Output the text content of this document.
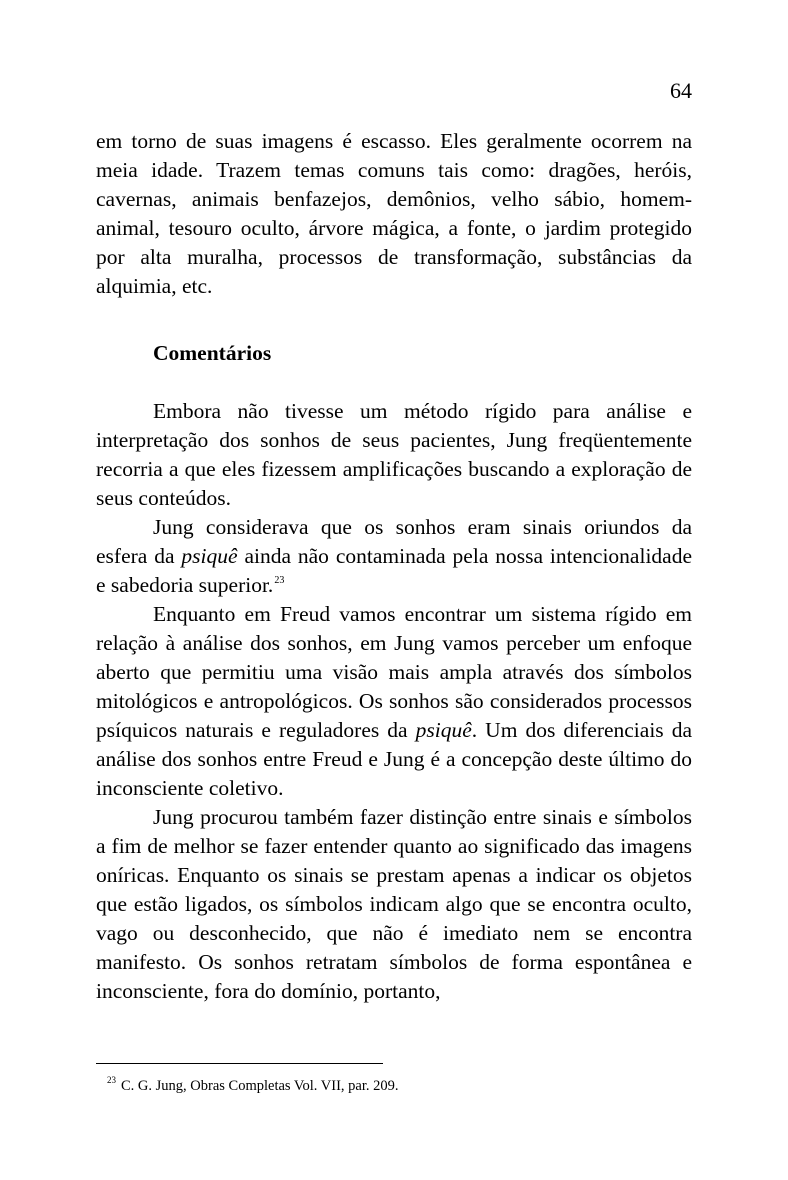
64

em torno de suas imagens é escasso. Eles geralmente ocorrem na meia idade. Trazem temas comuns tais como: dragões, heróis, cavernas, animais benfazejos, demônios, velho sábio, homem-animal, tesouro oculto, árvore mágica, a fonte, o jardim protegido por alta muralha, processos de transformação, substâncias da alquimia, etc.

Comentários

Embora não tivesse um método rígido para análise e interpretação dos sonhos de seus pacientes, Jung freqüentemente recorria a que eles fizessem amplificações buscando a exploração de seus conteúdos.

Jung considerava que os sonhos eram sinais oriundos da esfera da psiquê ainda não contaminada pela nossa intencionalidade e sabedoria superior.$^{23}$

Enquanto em Freud vamos encontrar um sistema rígido em relação à análise dos sonhos, em Jung vamos perceber um enfoque aberto que permitiu uma visão mais ampla através dos símbolos mitológicos e antropológicos. Os sonhos são considerados processos psíquicos naturais e reguladores da psiquê. Um dos diferenciais da análise dos sonhos entre Freud e Jung é a concepção deste último do inconsciente coletivo.

Jung procurou também fazer distinção entre sinais e símbolos a fim de melhor se fazer entender quanto ao significado das imagens oníricas. Enquanto os sinais se prestam apenas a indicar os objetos que estão ligados, os símbolos indicam algo que se encontra oculto, vago ou desconhecido, que não é imediato nem se encontra manifesto. Os sonhos retratam símbolos de forma espontânea e inconsciente, fora do domínio, portanto,

$^{23}$ C. G. Jung, Obras Completas Vol. VII, par. 209.
